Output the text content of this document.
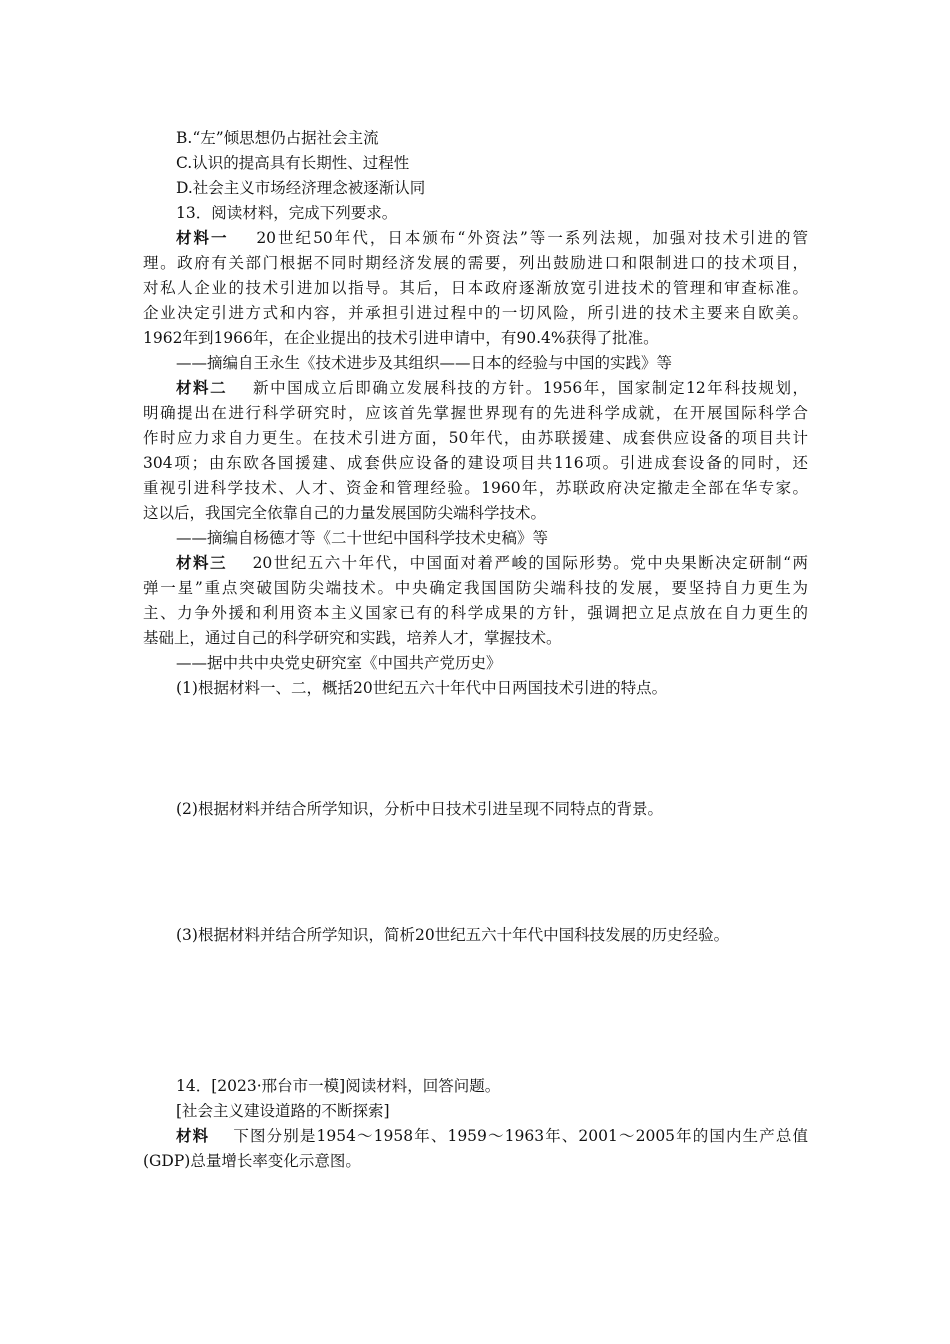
B.“左”倾思想仍占据社会主流
C.认识的提高具有长期性、过程性
D.社会主义市场经济理念被逐渐认同
13．阅读材料，完成下列要求。
材料一 20世纪50年代，日本颁布“外资法”等一系列法规，加强对技术引进的管
理。政府有关部门根据不同时期经济发展的需要，列出鼓励进口和限制进口的技术项目，
对私人企业的技术引进加以指导。其后，日本政府逐渐放宽引进技术的管理和审查标准。
企业决定引进方式和内容，并承担引进过程中的一切风险，所引进的技术主要来自欧美。
1962年到1966年，在企业提出的技术引进申请中，有90.4%获得了批准。
——摘编自王永生《技术进步及其组织——日本的经验与中国的实践》等
材料二 新中国成立后即确立发展科技的方针。1956年，国家制定12年科技规划，
明确提出在进行科学研究时，应该首先掌握世界现有的先进科学成就，在开展国际科学合
作时应力求自力更生。在技术引进方面，50年代，由苏联援建、成套供应设备的项目共计
304项；由东欧各国援建、成套供应设备的建设项目共116项。引进成套设备的同时，还
重视引进科学技术、人才、资金和管理经验。1960年，苏联政府决定撤走全部在华专家。
这以后，我国完全依靠自己的力量发展国防尖端科学技术。
——摘编自杨德才等《二十世纪中国科学技术史稿》等
材料三 20世纪五六十年代，中国面对着严峻的国际形势。党中央果断决定研制“两
弹一星”重点突破国防尖端技术。中央确定我国国防尖端科技的发展，要坚持自力更生为
主、力争外援和利用资本主义国家已有的科学成果的方针，强调把立足点放在自力更生的
基础上，通过自己的科学研究和实践，培养人才，掌握技术。
——据中共中央党史研究室《中国共产党历史》
(1)根据材料一、二，概括20世纪五六十年代中日两国技术引进的特点。
(2)根据材料并结合所学知识，分析中日技术引进呈现不同特点的背景。
(3)根据材料并结合所学知识，简析20世纪五六十年代中国科技发展的历史经验。
14．[2023·邢台市一模]阅读材料，回答问题。
[社会主义建设道路的不断探索]
材料 下图分别是1954～1958年、1959～1963年、2001～2005年的国内生产总值
(GDP)总量增长率变化示意图。
